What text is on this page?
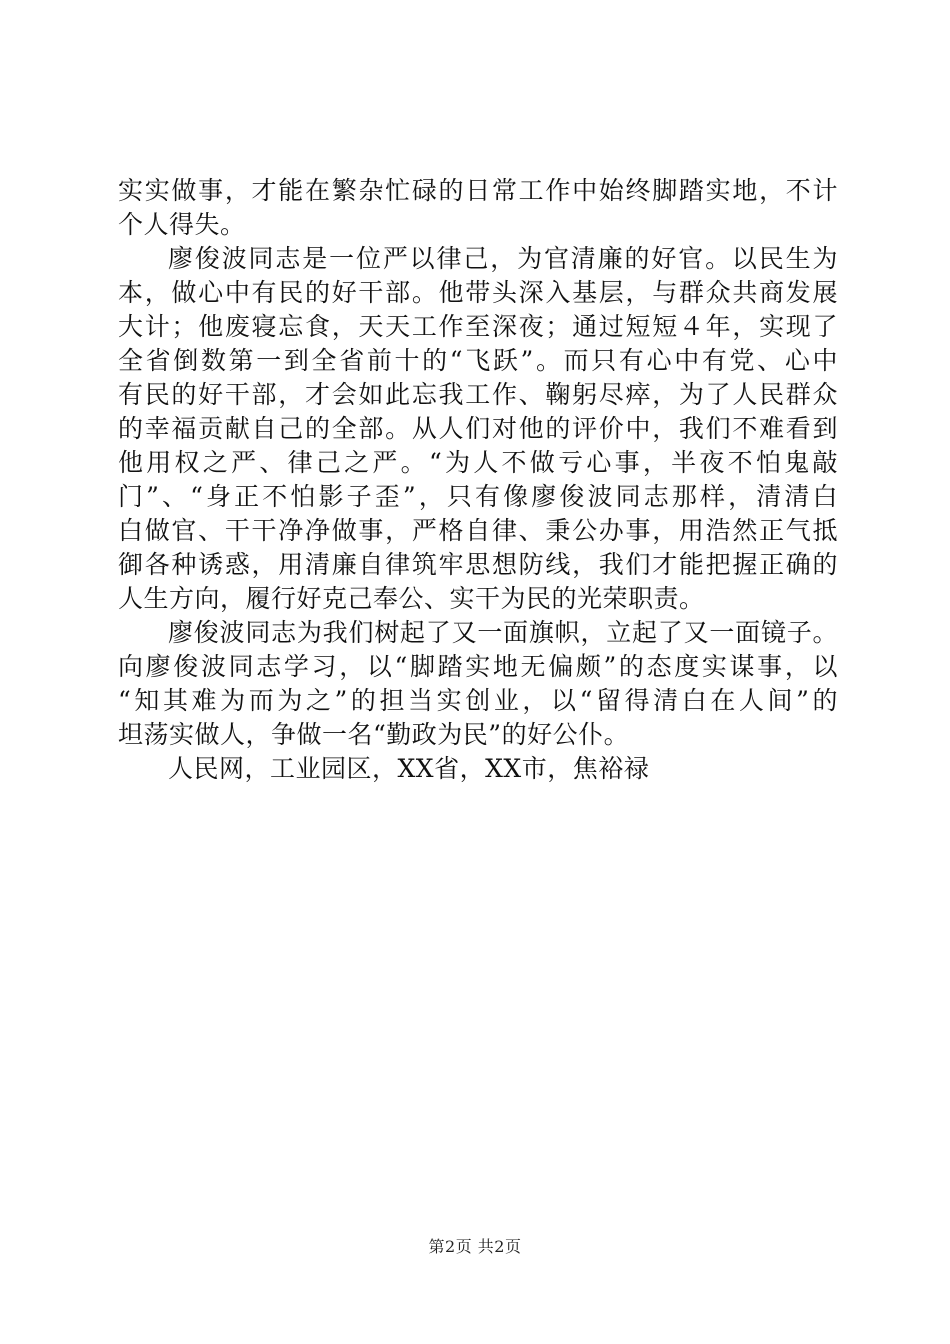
实实做事，才能在繁杂忙碌的日常工作中始终脚踏实地，不计
个人得失。
廖俊波同志是一位严以律己，为官清廉的好官。以民生为
本，做心中有民的好干部。他带头深入基层，与群众共商发展
大计；他废寝忘食，天天工作至深夜；通过短短４年，实现了
全省倒数第一到全省前十的“飞跃”。而只有心中有党、心中
有民的好干部，才会如此忘我工作、鞠躬尽瘁，为了人民群众
的幸福贡献自己的全部。从人们对他的评价中，我们不难看到
他用权之严、律己之严。“为人不做亏心事，半夜不怕鬼敲
门”、“身正不怕影子歪”，只有像廖俊波同志那样，清清白
白做官、干干净净做事，严格自律、秉公办事，用浩然正气抵
御各种诱惑，用清廉自律筑牢思想防线，我们才能把握正确的
人生方向，履行好克己奉公、实干为民的光荣职责。
廖俊波同志为我们树起了又一面旗帜，立起了又一面镜子。
向廖俊波同志学习，以“脚踏实地无偏颇”的态度实谋事，以
“知其难为而为之”的担当实创业，以“留得清白在人间”的
坦荡实做人，争做一名“勤政为民”的好公仆。
人民网，工业园区，XX省，XX市，焦裕禄
第2页 共2页
